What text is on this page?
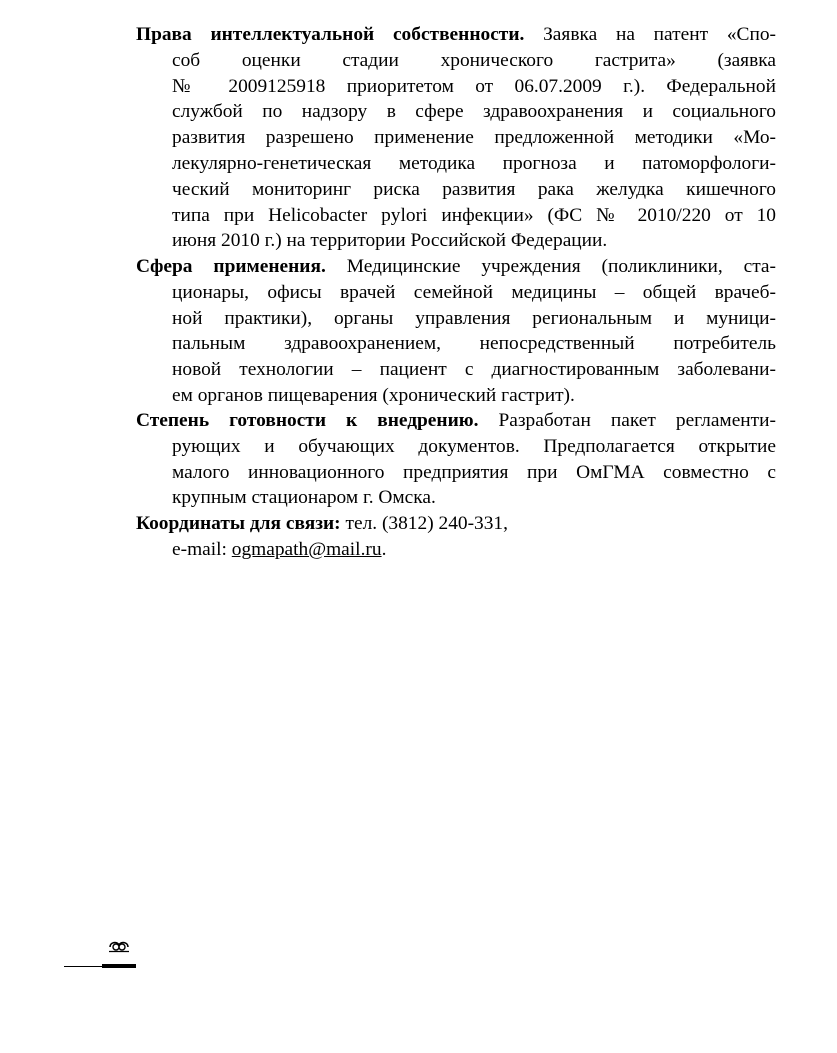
Права интеллектуальной собственности. Заявка на патент «Спо-
соб оценки стадии хронического гастрита» (заявка
№ 2009125918 приоритетом от 06.07.2009 г.). Федеральной
службой по надзору в сфере здравоохранения и социального
развития разрешено применение предложенной методики «Мо-
лекулярно-генетическая методика прогноза и патоморфологи-
ческий мониторинг риска развития рака желудка кишечного
типа при Helicobacter pylori инфекции» (ФС № 2010/220 от 10
июня 2010 г.) на территории Российской Федерации.
Сфера применения. Медицинские учреждения (поликлиники, ста-
ционары, офисы врачей семейной медицины – общей врачеб-
ной практики), органы управления региональным и муници-
пальным здравоохранением, непосредственный потребитель
новой технологии – пациент с диагностированным заболевани-
ем органов пищеварения (хронический гастрит).
Степень готовности к внедрению. Разработан пакет регламенти-
рующих и обучающих документов. Предполагается открытие
малого инновационного предприятия при ОмГМА совместно с
крупным стационаром г. Омска.
Координаты для связи: тел. (3812) 240-331,
e-mail: ogmapath@mail.ru.
